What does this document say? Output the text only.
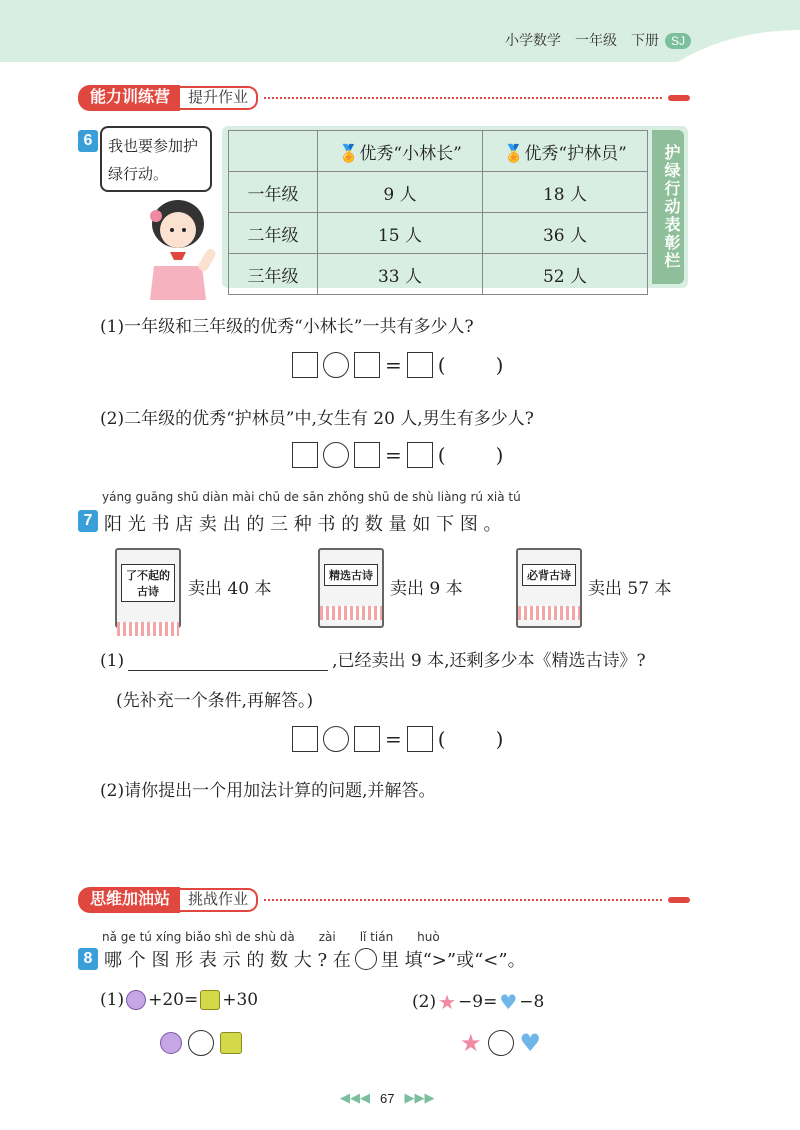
小学数学　一年级　下册 SJ
能力训练营	提升作业
6	我也要参加护绿行动。
	🏅优秀“小林长”	🏅优秀“护林员”
一年级	9 人	18 人
二年级	15 人	36 人
三年级	33 人	52 人
护绿行动表彰栏
(1)一年级和三年级的优秀“小林长”一共有多少人?
= (	)
(2)二年级的优秀“护林员”中,女生有 20 人,男生有多少人?
= (	)
yáng guāng shū diàn mài chū de sān zhǒng shū de shù liàng rú xià tú
7 阳 光 书 店 卖 出 的 三 种 书 的 数 量 如 下 图 。
了不起的古诗	卖出 40 本
精选古诗
卖出 9 本
必背古诗
卖出 57 本
(1)	,已经卖出 9 本,还剩多少本《精选古诗》?
(先补充一个条件,再解答。)
= (	)
(2)请你提出一个用加法计算的问题,并解答。
思维加油站	挑战作业
nǎ ge tú xíng biǎo shì de shù dà　　zài　　lǐ tián　　huò
8 哪 个 图 形 表 示 的 数 大 ? 在 里 填“>”或“<”。
(1) +20= +30	(2) ★ −9= ♥ −8
★ ♥
◀◀◀ 67 ▶▶▶
